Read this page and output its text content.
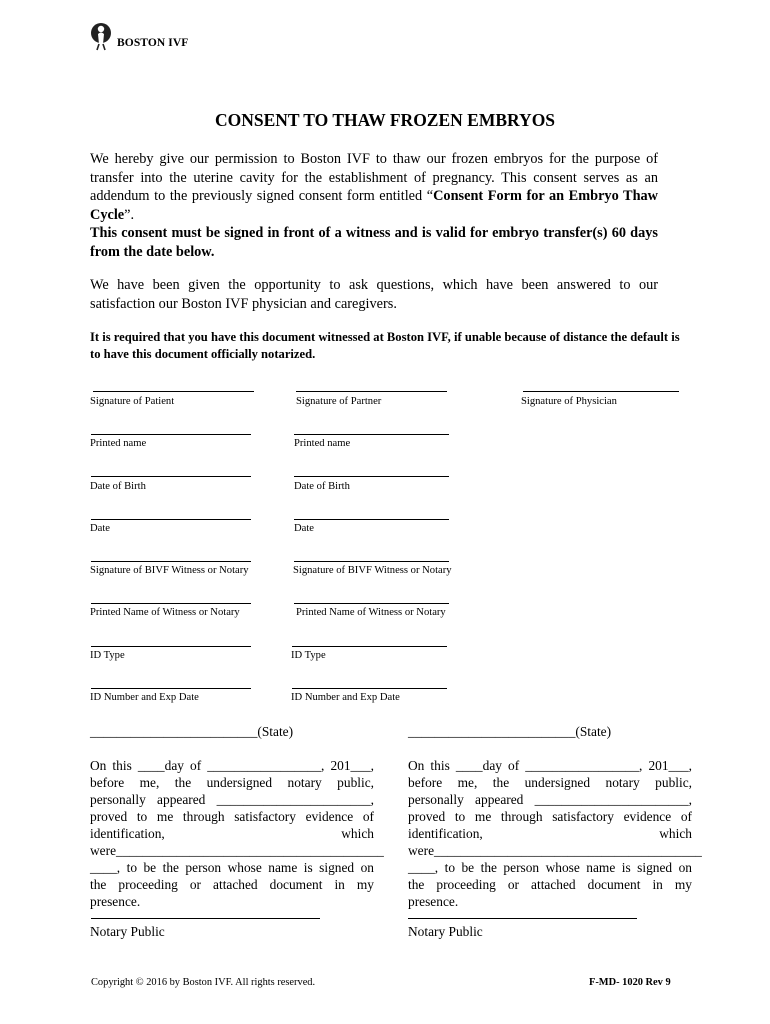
BOSTON IVF
CONSENT TO THAW FROZEN EMBRYOS
We hereby give our permission to Boston IVF to thaw our frozen embryos for the purpose of transfer into the uterine cavity for the establishment of pregnancy. This consent serves as an addendum to the previously signed consent form entitled “Consent Form for an Embryo Thaw Cycle”.
This consent must be signed in front of a witness and is valid for embryo transfer(s) 60 days from the date below.
We have been given the opportunity to ask questions, which have been answered to our satisfaction our Boston IVF physician and caregivers.
It is required that you have this document witnessed at Boston IVF, if unable because of distance the default is to have this document officially notarized.
Signature of Patient	Signature of Partner	Signature of Physician
Printed name	Printed name
Date of Birth	Date of Birth
Date	Date
Signature of BIVF Witness or Notary	Signature of BIVF Witness or Notary
Printed Name of Witness or Notary	Printed Name of Witness or Notary
ID Type	ID Type
ID Number and Exp Date	ID Number and Exp Date
_________________________(State)	_________________________(State)
On this ____day of _________________, 201___,
before me, the undersigned notary public,
personally appeared _______________________,
proved to me through satisfactory evidence of
identification, which
were________________________________________
____, to be the person whose name is signed on
the proceeding or attached document in my
presence.
On this ____day of _________________, 201___,
before me, the undersigned notary public,
personally appeared _______________________,
proved to me through satisfactory evidence of
identification, which
were________________________________________
____, to be the person whose name is signed on
the proceeding or attached document in my
presence.
Notary Public	Notary Public
Copyright © 2016 by Boston IVF. All rights reserved.	F-MD- 1020 Rev 9
